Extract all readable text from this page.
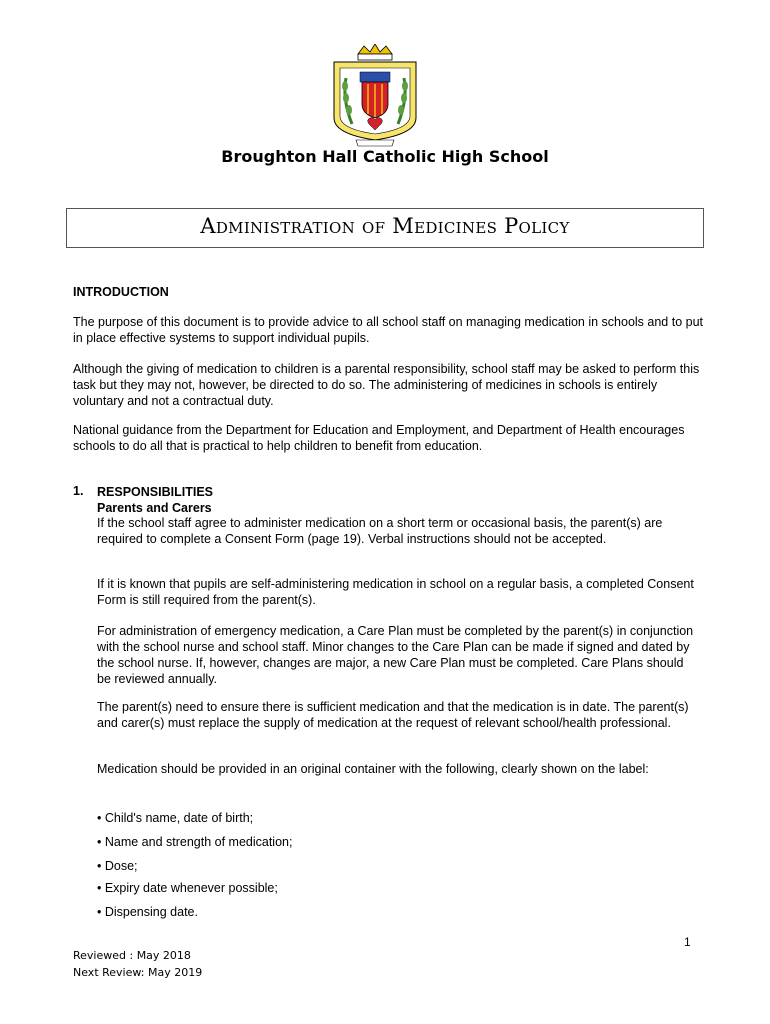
Broughton Hall Catholic High School
Administration of Medicines Policy
INTRODUCTION
The purpose of this document is to provide advice to all school staff on managing medication in schools and to put in place effective systems to support individual pupils.
Although the giving of medication to children is a parental responsibility, school staff may be asked to perform this task but they may not, however, be directed to do so. The administering of medicines in schools is entirely voluntary and not a contractual duty.
National guidance from the Department for Education and Employment, and Department of Health encourages schools to do all that is practical to help children to benefit from education.
1. RESPONSIBILITIES
Parents and Carers
If the school staff agree to administer medication on a short term or occasional basis, the parent(s) are required to complete a Consent Form (page 19). Verbal instructions should not be accepted.
If it is known that pupils are self-administering medication in school on a regular basis, a completed Consent Form is still required from the parent(s).
For administration of emergency medication, a Care Plan must be completed by the parent(s) in conjunction with the school nurse and school staff. Minor changes to the Care Plan can be made if signed and dated by the school nurse. If, however, changes are major, a new Care Plan must be completed. Care Plans should be reviewed annually.
The parent(s) need to ensure there is sufficient medication and that the medication is in date. The parent(s) and carer(s) must replace the supply of medication at the request of relevant school/health professional.
Medication should be provided in an original container with the following, clearly shown on the label:
• Child's name, date of birth;
• Name and strength of medication;
• Dose;
• Expiry date whenever possible;
• Dispensing date.
1
Reviewed : May 2018
Next Review: May 2019
